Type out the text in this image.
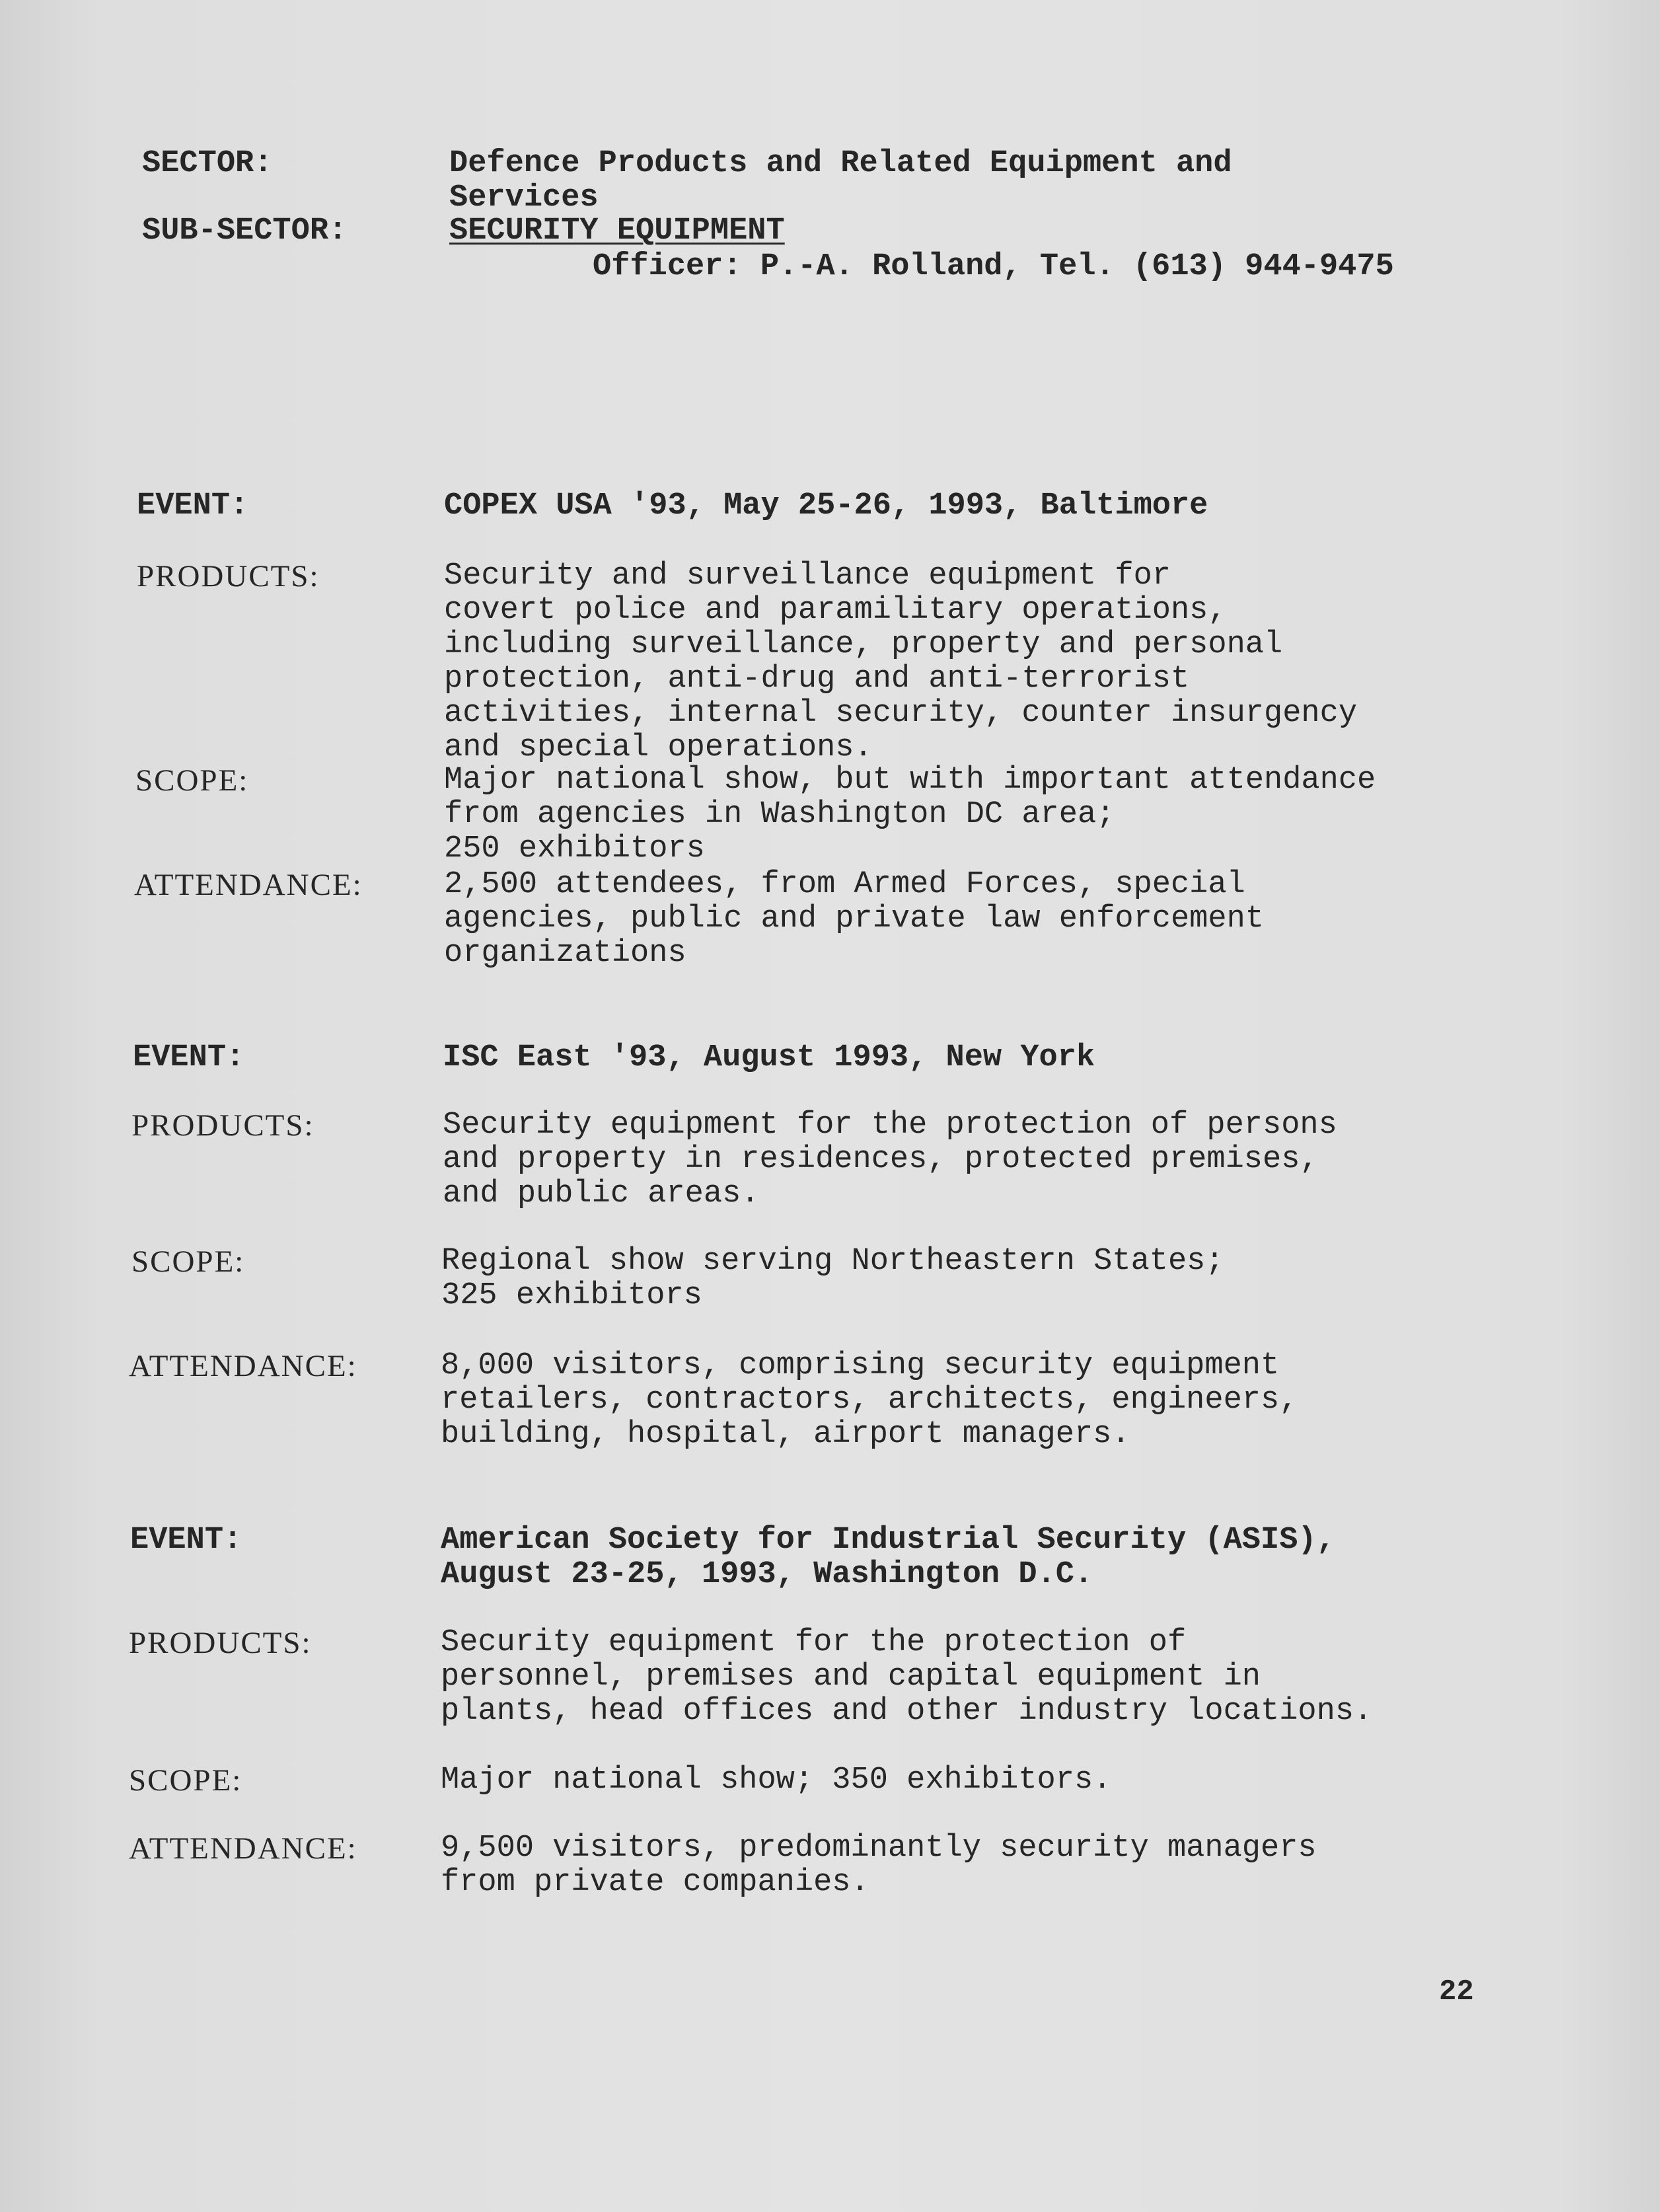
SECTOR:	Defence Products and Related Equipment and
Services
SUB-SECTOR:	SECURITY EQUIPMENT
Officer: P.-A. Rolland, Tel. (613) 944-9475
EVENT:	COPEX USA '93, May 25-26, 1993, Baltimore
PRODUCTS:	Security and surveillance equipment for
covert police and paramilitary operations,
including surveillance, property and personal
protection, anti-drug and anti-terrorist
activities, internal security, counter insurgency
and special operations.
SCOPE:	Major national show, but with important attendance
from agencies in Washington DC area;
250 exhibitors
ATTENDANCE:	2,500 attendees, from Armed Forces, special
agencies, public and private law enforcement
organizations
EVENT:	ISC East '93, August 1993, New York
PRODUCTS:	Security equipment for the protection of persons
and property in residences, protected premises,
and public areas.
SCOPE:	Regional show serving Northeastern States;
325 exhibitors
ATTENDANCE:	8,000 visitors, comprising security equipment
retailers, contractors, architects, engineers,
building, hospital, airport managers.
EVENT:	American Society for Industrial Security (ASIS),
August 23-25, 1993, Washington D.C.
PRODUCTS:	Security equipment for the protection of
personnel, premises and capital equipment in
plants, head offices and other industry locations.
SCOPE:	Major national show; 350 exhibitors.
ATTENDANCE:	9,500 visitors, predominantly security managers
from private companies.
22
